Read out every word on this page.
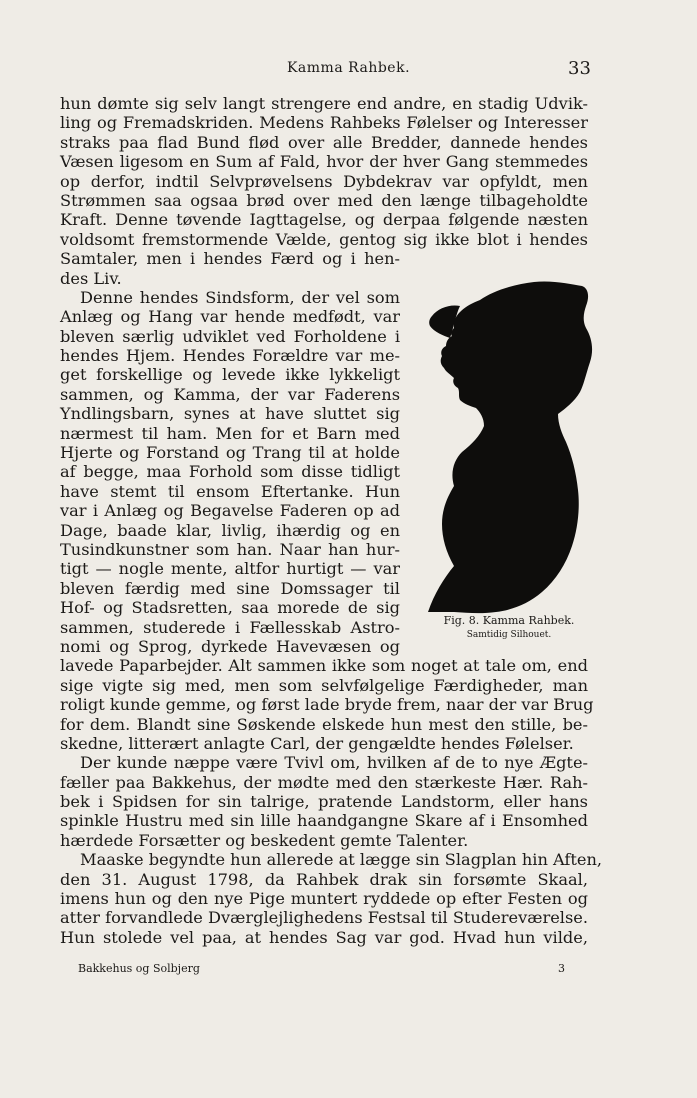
Kamma Rahbek.	33
hun dømte sig selv langt strengere end andre, en stadig Udvik-
ling og Fremadskriden. Medens Rahbeks Følelser og Interesser
straks paa flad Bund flød over alle Bredder, dannede hendes
Væsen ligesom en Sum af Fald, hvor der hver Gang stemmedes
op derfor, indtil Selvprøvelsens Dybdekrav var opfyldt, men
Strømmen saa ogsaa brød over med den længe tilbageholdte
Kraft. Denne tøvende Iagttagelse, og derpaa følgende næsten
voldsomt fremstormende Vælde, gentog sig ikke blot i hendes
Samtaler, men i hendes Færd og i hen-
des Liv.
Denne hendes Sindsform, der vel som
Anlæg og Hang var hende medfødt, var
bleven særlig udviklet ved Forholdene i
hendes Hjem. Hendes Forældre var me-
get forskellige og levede ikke lykkeligt
sammen, og Kamma, der var Faderens
Yndlingsbarn, synes at have sluttet sig
nærmest til ham. Men for et Barn med
Hjerte og Forstand og Trang til at holde
af begge, maa Forhold som disse tidligt
have stemt til ensom Eftertanke. Hun
var i Anlæg og Begavelse Faderen op ad
Dage, baade klar, livlig, ihærdig og en
Tusindkunstner som han. Naar han hur-
tigt — nogle mente, altfor hurtigt — var
bleven færdig med sine Domssager til
Hof- og Stadsretten, saa morede de sig
sammen, studerede i Fællesskab Astro-
nomi og Sprog, dyrkede Havevæsen og
lavede Paparbejder. Alt sammen ikke som noget at tale om, end
sige vigte sig med, men som selvfølgelige Færdigheder, man
roligt kunde gemme, og først lade bryde frem, naar der var Brug
for dem. Blandt sine Søskende elskede hun mest den stille, be-
skedne, litterært anlagte Carl, der gengældte hendes Følelser.
Der kunde næppe være Tvivl om, hvilken af de to nye Ægte-
fæller paa Bakkehus, der mødte med den stærkeste Hær. Rah-
bek i Spidsen for sin talrige, pratende Landstorm, eller hans
spinkle Hustru med sin lille haandgangne Skare af i Ensomhed
hærdede Forsætter og beskedent gemte Talenter.
Maaske begyndte hun allerede at lægge sin Slagplan hin Aften,
den 31. August 1798, da Rahbek drak sin forsømte Skaal,
imens hun og den nye Pige muntert ryddede op efter Festen og
atter forvandlede Dværglejlighedens Festsal til Studereværelse.
Hun stolede vel paa, at hendes Sag var god. Hvad hun vilde,
Fig. 8. Kamma Rahbek.
Samtidig Silhouet.
Bakkehus og Solbjerg	3
